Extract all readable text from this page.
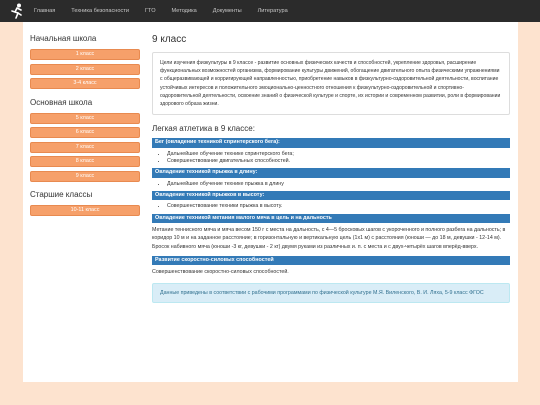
Главная	Техника безопасности	ГТО	Методика	Документы	Литература
Начальная школа
1 класс
2 класс
3-4 класс
Основная школа
5 класс
6 класс
7 класс
8 класс
9 класс
Старшие классы
10-11 класс
9 класс
Цели изучения физкультуры в 9 классе - развитие основных физических качеств и способностей, укрепление здоровья, расширение функциональных возможностей организма, формирование культуры движений, обогащение двигательного опыта физическими упражнениями с общеразвивающей и корригирующей направленностью, приобретение навыков в физкультурно-оздоровительной деятельности, воспитание устойчивых интересов и положительного эмоционально-ценностного отношения к физкультурно-оздоровительной и спортивно-оздоровительной деятельности, освоение знаний о физической культуре и спорте, их истории и современном развитии, роли в формировании здорового образа жизни.
Легкая атлетика в 9 классе:
Бег (овладение техникой спринтерского бега):
• Дальнейшее обучение технике спринтерского бега;
• Совершенствование двигательных способностей.
Овладение техникой прыжка в длину:
• Дальнейшее обучение технике прыжка в длину
Овладение техникой прыжков в высоту:
• Совершенствование техники прыжка в высоту.
Овладение техникой метания малого мяча в цель и на дальность
Метание теннисного мяча и мяча весом 150 г с места на дальность, с 4—5 бросковых шагов с укороченного и полного разбега на дальность; в коридор 10 м и на заданное расстояние; в горизонтальную и вертикальную цель (1х1 м) с расстояния (юноши — до 18 м, девушки - 12-14 м). Бросок набивного мяча (юноши -3 кг, девушки - 2 кг) двумя руками из различных и. п. с места и с двух-четырёх шагов вперёд-вверх.
Развитие скоростно-силовых способностей
Совершенствование скоростно-силовых способностей.
Данные приведены в соответствии с рабочими программами по физической культуре М.Я. Виленского, В. И. Ляха, 5-9 класс ФГОС
